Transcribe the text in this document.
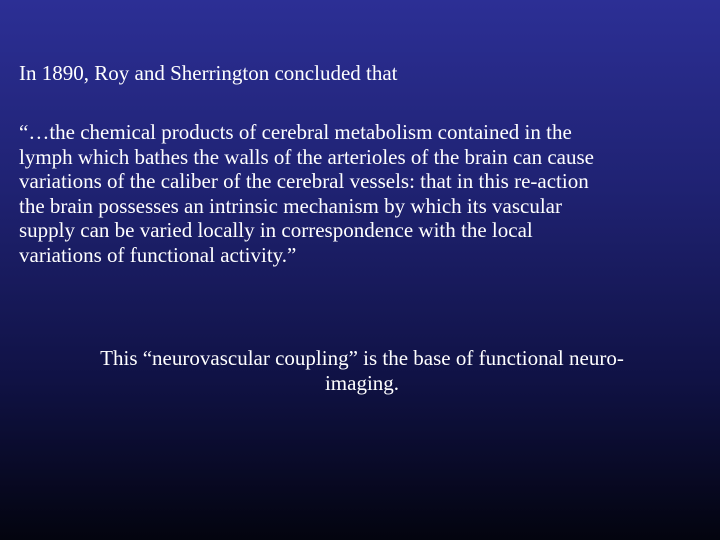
In 1890, Roy and Sherrington concluded that

“…the chemical products of cerebral metabolism contained in the
lymph which bathes the walls of the arterioles of the brain can cause
variations of the caliber of the cerebral vessels: that in this re-action
the brain possesses an intrinsic mechanism by which its vascular
supply can be varied locally in correspondence with the local
variations of functional activity.”

This “neurovascular coupling” is the base of functional neuro-
imaging.
